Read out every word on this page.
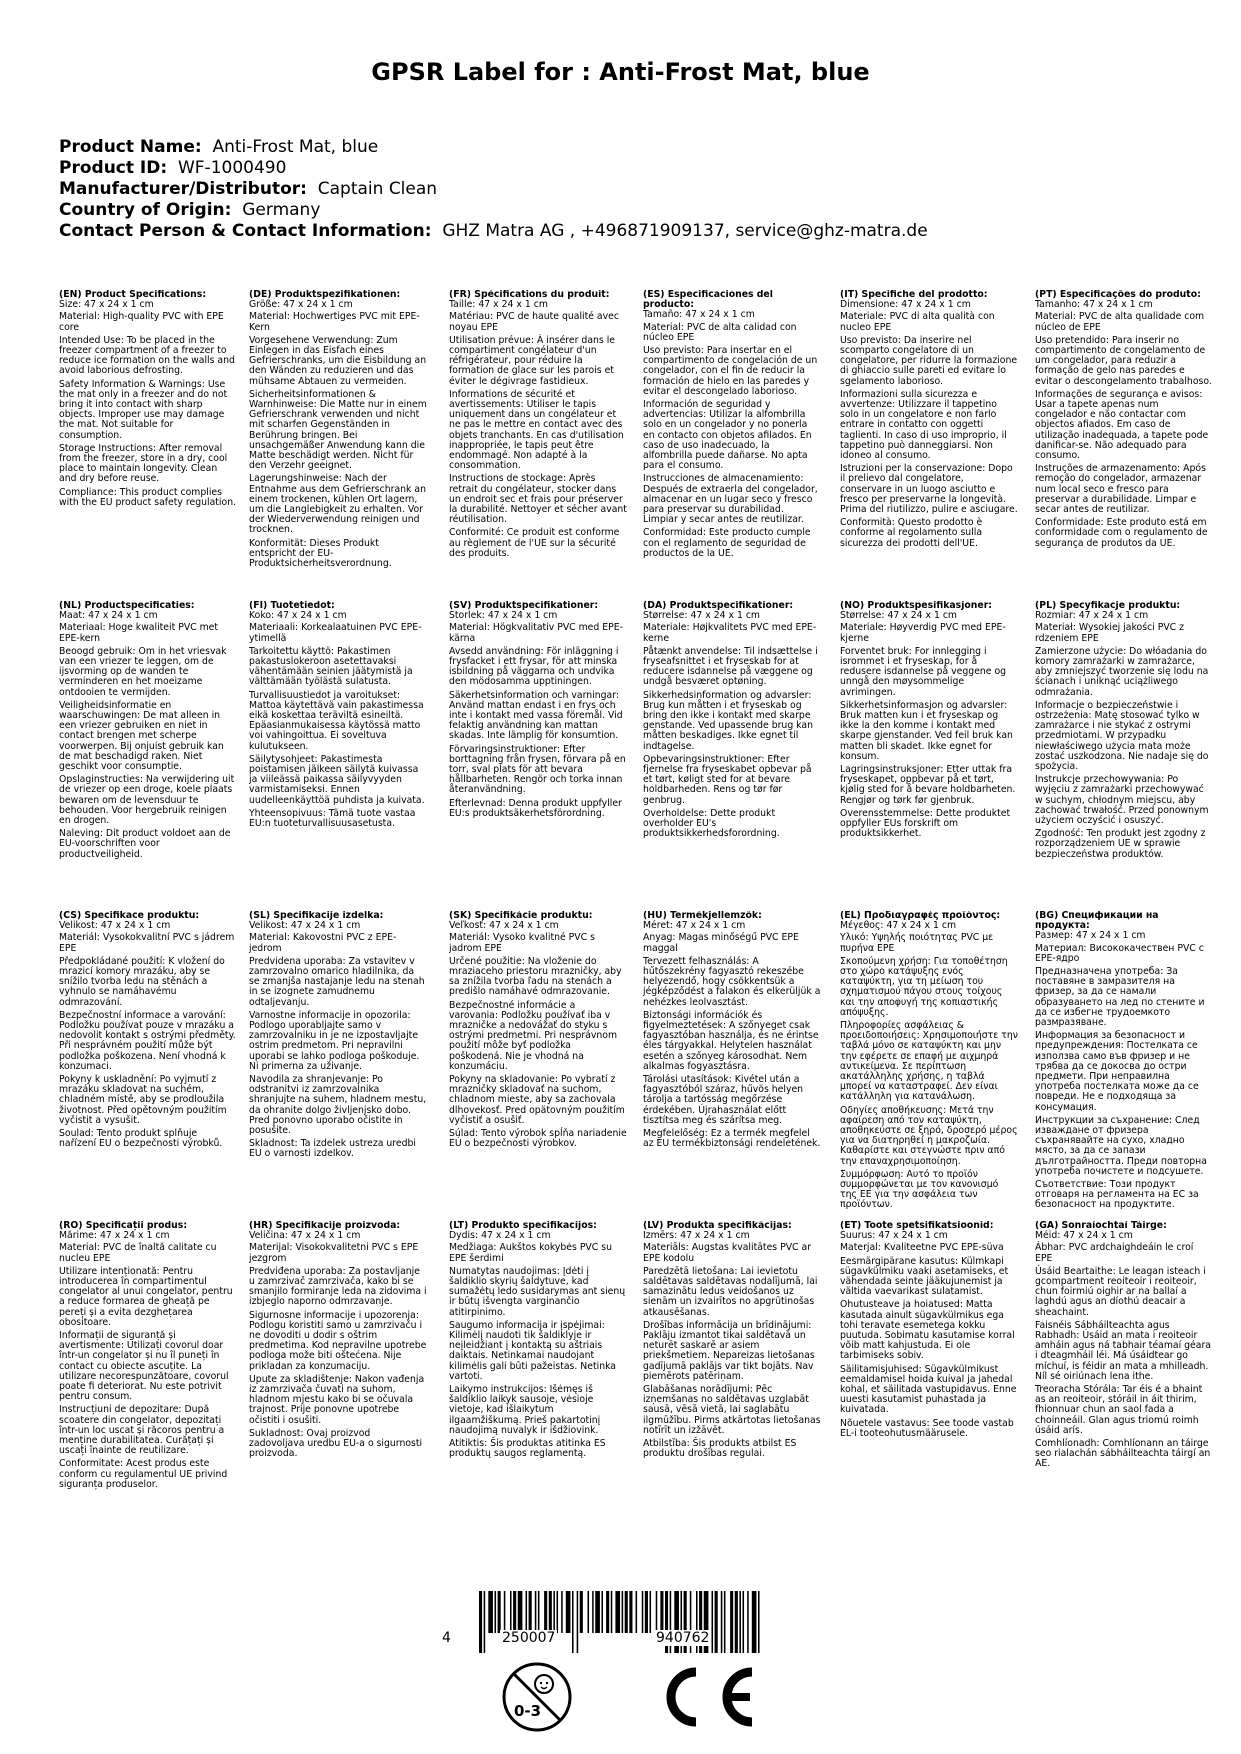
GPSR Label for : Anti-Frost Mat, blue
Product Name: Anti-Frost Mat, blue
Product ID: WF-1000490
Manufacturer/Distributor: Captain Clean
Country of Origin: Germany
Contact Person & Contact Information: GHZ Matra AG , +496871909137, service@ghz-matra.de
(EN) Product Specifications:

Size: 47 x 24 x 1 cm

Material: High-quality PVC with EPE core

Intended Use: To be placed in the freezer compartment of a freezer to reduce ice formation on the walls and avoid laborious defrosting.

Safety Information & Warnings: Use the mat only in a freezer and do not bring it into contact with sharp objects. Improper use may damage the mat. Not suitable for consumption.

Storage Instructions: After removal from the freezer, store in a dry, cool place to maintain longevity. Clean and dry before reuse.

Compliance: This product complies with the EU product safety regulation.

(DE) Produktspezifikationen:

Größe: 47 x 24 x 1 cm

Material: Hochwertiges PVC mit EPE-Kern

Vorgesehene Verwendung: Zum Einlegen in das Eisfach eines Gefrierschranks, um die Eisbildung an den Wänden zu reduzieren und das mühsame Abtauen zu vermeiden.

Sicherheitsinformationen & Warnhinweise: Die Matte nur in einem Gefrierschrank verwenden und nicht mit scharfen Gegenständen in Berührung bringen. Bei unsachgemäßer Anwendung kann die Matte beschädigt werden. Nicht für den Verzehr geeignet.

Lagerungshinweise: Nach der Entnahme aus dem Gefrierschrank an einem trockenen, kühlen Ort lagern, um die Langlebigkeit zu erhalten. Vor der Wiederverwendung reinigen und trocknen.

Konformität: Dieses Produkt entspricht der EU-Produktsicherheitsverordnung.

(FR) Spécifications du produit:

Taille: 47 x 24 x 1 cm

Matériau: PVC de haute qualité avec noyau EPE

Utilisation prévue: À insérer dans le compartiment congélateur d'un réfrigérateur, pour réduire la formation de glace sur les parois et éviter le dégivrage fastidieux.

Informations de sécurité et avertissements: Utiliser le tapis uniquement dans un congélateur et ne pas le mettre en contact avec des objets tranchants. En cas d'utilisation inappropriée, le tapis peut être endommagé. Non adapté à la consommation.

Instructions de stockage: Après retrait du congélateur, stocker dans un endroit sec et frais pour préserver la durabilité. Nettoyer et sécher avant réutilisation.

Conformité: Ce produit est conforme au règlement de l'UE sur la sécurité des produits.

(ES) Especificaciones del producto:

Tamaño: 47 x 24 x 1 cm

Material: PVC de alta calidad con núcleo EPE

Uso previsto: Para insertar en el compartimento de congelación de un congelador, con el fin de reducir la formación de hielo en las paredes y evitar el descongelado laborioso.

Información de seguridad y advertencias: Utilizar la alfombrilla solo en un congelador y no ponerla en contacto con objetos afilados. En caso de uso inadecuado, la alfombrilla puede dañarse. No apta para el consumo.

Instrucciones de almacenamiento: Después de extraerla del congelador, almacenar en un lugar seco y fresco para preservar su durabilidad. Limpiar y secar antes de reutilizar.

Conformidad: Este producto cumple con el reglamento de seguridad de productos de la UE.

(IT) Specifiche del prodotto:

Dimensione: 47 x 24 x 1 cm

Materiale: PVC di alta qualità con nucleo EPE

Uso previsto: Da inserire nel scomparto congelatore di un congelatore, per ridurre la formazione di ghiaccio sulle pareti ed evitare lo sgelamento laborioso.

Informazioni sulla sicurezza e avvertenze: Utilizzare il tappetino solo in un congelatore e non farlo entrare in contatto con oggetti taglienti. In caso di uso improprio, il tappetino può danneggiarsi. Non idoneo al consumo.

Istruzioni per la conservazione: Dopo il prelievo dal congelatore, conservare in un luogo asciutto e fresco per preservarne la longevità. Prima del riutilizzo, pulire e asciugare.

Conformità: Questo prodotto è conforme al regolamento sulla sicurezza dei prodotti dell'UE.

(PT) Especificações do produto:

Tamanho: 47 x 24 x 1 cm

Material: PVC de alta qualidade com núcleo de EPE

Uso pretendido: Para inserir no compartimento de congelamento de um congelador, para reduzir a formação de gelo nas paredes e evitar o descongelamento trabalhoso.

Informações de segurança e avisos: Usar a tapete apenas num congelador e não contactar com objectos afiados. Em caso de utilização inadequada, a tapete pode danificar-se. Não adequado para consumo.

Instruções de armazenamento: Após remoção do congelador, armazenar num local seco e fresco para preservar a durabilidade. Limpar e secar antes de reutilizar.

Conformidade: Este produto está em conformidade com o regulamento de segurança de produtos da UE.

(NL) Productspecificaties:

Maat: 47 x 24 x 1 cm

Materiaal: Hoge kwaliteit PVC met EPE-kern

Beoogd gebruik: Om in het vriesvak van een vriezer te leggen, om de ijsvorming op de wanden te verminderen en het moeizame ontdooien te vermijden.

Veiligheidsinformatie en waarschuwingen: De mat alleen in een vriezer gebruiken en niet in contact brengen met scherpe voorwerpen. Bij onjuist gebruik kan de mat beschadigd raken. Niet geschikt voor consumptie.

Opslaginstructies: Na verwijdering uit de vriezer op een droge, koele plaats bewaren om de levensduur te behouden. Voor hergebruik reinigen en drogen.

Naleving: Dit product voldoet aan de EU-voorschriften voor productveiligheid.

(FI) Tuotetiedot:

Koko: 47 x 24 x 1 cm

Materiaali: Korkealaatuinen PVC EPE-ytimellä

Tarkoitettu käyttö: Pakastimen pakastuslokeroon asetettavaksi vähentämään seinien jäätymistä ja välttämään työlästä sulatusta.

Turvallisuustiedot ja varoitukset: Mattoa käytettävä vain pakastimessa eikä koskettaa teräviltä esineiltä. Epäasianmukaisessa käytössä matto voi vahingoittua. Ei soveltuva kulutukseen.

Säilytysohjeet: Pakastimesta poistamisen jälkeen säilytä kuivassa ja viileässä paikassa säilyvyyden varmistamiseksi. Ennen uudelleenkäyttöä puhdista ja kuivata.

Yhteensopivuus: Tämä tuote vastaa EU:n tuoteturvallisuusasetusta.

(SV) Produktspecifikationer:

Storlek: 47 x 24 x 1 cm

Material: Högkvalitativ PVC med EPE-kärna

Avsedd användning: För inläggning i frysfacket i ett frysar, för att minska isbildning på väggarna och undvika den mödosamma upptiningen.

Säkerhetsinformation och varningar: Använd mattan endast i en frys och inte i kontakt med vassa föremål. Vid felaktig användning kan mattan skadas. Inte lämplig för konsumtion.

Förvaringsinstruktioner: Efter borttagning från frysen, förvara på en torr, sval plats för att bevara hållbarheten. Rengör och torka innan återanvändning.

Efterlevnad: Denna produkt uppfyller EU:s produktsäkerhetsförordning.

(DA) Produktspecifikationer:

Størrelse: 47 x 24 x 1 cm

Materiale: Højkvalitets PVC med EPE-kerne

Påtænkt anvendelse: Til indsættelse i fryseafsnittet i et fryseskab for at reducere isdannelse på væggene og undgå besværet optøning.

Sikkerhedsinformation og advarsler: Brug kun måtten i et fryseskab og bring den ikke i kontakt med skarpe genstande. Ved upassende brug kan måtten beskadiges. Ikke egnet til indtagelse.

Opbevaringsinstruktioner: Efter fjernelse fra fryseskabet opbevar på et tørt, køligt sted for at bevare holdbarheden. Rens og tør før genbrug.

Overholdelse: Dette produkt overholder EU's produktsikkerhedsforordning.

(NO) Produktspesifikasjoner:

Størrelse: 47 x 24 x 1 cm

Materiale: Høyverdig PVC med EPE-kjerne

Forventet bruk: For innlegging i isrommet i et fryseskap, for å redusere isdannelse på veggene og unngå den møysommelige avrimingen.

Sikkerhetsinformasjon og advarsler: Bruk matten kun i et fryseskap og ikke la den komme i kontakt med skarpe gjenstander. Ved feil bruk kan matten bli skadet. Ikke egnet for konsum.

Lagringsinstruksjoner: Etter uttak fra fryseskapet, oppbevar på et tørt, kjølig sted for å bevare holdbarheten. Rengjør og tørk før gjenbruk.

Overensstemmelse: Dette produktet oppfyller EUs forskrift om produktsikkerhet.

(PL) Specyfikacje produktu:

Rozmiar: 47 x 24 x 1 cm

Materiał: Wysokiej jakości PVC z rdzeniem EPE

Zamierzone użycie: Do włóadania do komory zamrażarki w zamrażarce, aby zmniejszyć tworzenie się lodu na ścianach i uniknąć uciążliwego odmrażania.

Informacje o bezpieczeństwie i ostrzeżenia: Matę stosować tylko w zamrażarce i nie stykać z ostrymi przedmiotami. W przypadku niewłaściwego użycia mata może zostać uszkodzona. Nie nadaje się do spożycia.

Instrukcje przechowywania: Po wyjęciu z zamrażarki przechowywać w suchym, chłodnym miejscu, aby zachować trwałość. Przed ponownym użyciem oczyścić i osuszyć.

Zgodność: Ten produkt jest zgodny z rozporządzeniem UE w sprawie bezpieczeństwa produktów.

(CS) Specifikace produktu:

Velikost: 47 x 24 x 1 cm

Materiál: Vysokokvalitní PVC s jádrem EPE

Předpokládané použití: K vložení do mrazicí komory mrazáku, aby se snížilo tvorba ledu na stěnách a vyhnulo se namáhavému odmrazování.

Bezpečnostní informace a varování: Podložku používat pouze v mrazáku a nedovolit kontakt s ostrými předměty. Při nesprávném použití může být podložka poškozena. Není vhodná k konzumaci.

Pokyny k uskladnění: Po vyjmutí z mrazáku skladovat na suchém, chladném místě, aby se prodloužila životnost. Před opětovným použitím vyčistit a vysušit.

Soulad: Tento produkt splňuje nařízení EU o bezpečnosti výrobků.

(SL) Specifikacije izdelka:

Velikost: 47 x 24 x 1 cm

Material: Kakovostni PVC z EPE-jedrom

Predvidena uporaba: Za vstavitev v zamrzovalno omarico hladilnika, da se zmanjša nastajanje ledu na stenah in se izognete zamudnemu odtaljevanju.

Varnostne informacije in opozorila: Podlogo uporabljajte samo v zamrzovalniku in je ne izpostavljajte ostrim predmetom. Pri nepravilni uporabi se lahko podloga poškoduje. Ni primerna za uživanje.

Navodila za shranjevanje: Po odstranitvi iz zamrzovalnika shranjujte na suhem, hladnem mestu, da ohranite dolgo življenjsko dobo. Pred ponovno uporabo očistite in posušite.

Skladnost: Ta izdelek ustreza uredbi EU o varnosti izdelkov.

(SK) Špecifikácie produktu:

Veľkosť: 47 x 24 x 1 cm

Materiál: Vysoko kvalitné PVC s jadrom EPE

Určené použitie: Na vloženie do mraziaceho priestoru mrazničky, aby sa znížila tvorba ľadu na stenách a predišlo namáhavé odmrazovanie.

Bezpečnostné informácie a varovania: Podložku používať iba v mrazničke a nedovážať do styku s ostrými predmetmi. Pri nesprávnom použití môže byť podložka poškodená. Nie je vhodná na konzumáciu.

Pokyny na skladovanie: Po vybratí z mrazničky skladovať na suchom, chladnom mieste, aby sa zachovala dlhovekosť. Pred opätovným použitím vyčistiť a osušiť.

Súlad: Tento výrobok spĺňa nariadenie EÚ o bezpečnosti výrobkov.

(HU) Termékjellemzők:

Méret: 47 x 24 x 1 cm

Anyag: Magas minőségű PVC EPE maggal

Tervezett felhasználás: A hűtőszekrény fagyasztó rekeszébe helyezendő, hogy csökkentsük a jégképződést a falakon és elkerüljük a nehézkes leolvasztást.

Biztonsági információk és figyelmeztetések: A szőnyeget csak fagyasztóban használja, és ne érintse éles tárgyakkal. Helytelen használat esetén a szőnyeg károsodhat. Nem alkalmas fogyasztásra.

Tárolási utasítások: Kivétel után a fagyasztóból száraz, hűvös helyen tárolja a tartósság megőrzése érdekében. Újrahasználat előtt tisztítsa meg és szárítsa meg.

Megfelelőség: Ez a termék megfelel az EU termékbiztonsági rendeletének.

(EL) Προδιαγραφές προϊόντος:

Μέγεθος: 47 x 24 x 1 cm

Υλικό: Υψηλής ποιότητας PVC με πυρήνα EPE

Σκοπούμενη χρήση: Για τοποθέτηση στο χώρο κατάψυξης ενός καταψύκτη, για τη μείωση του σχηματισμού πάγου στους τοίχους και την αποφυγή της κοπιαστικής απόψυξης.

Πληροφορίες ασφάλειας & προειδοποιήσεις: Χρησιμοποιήστε την ταβλά μόνο σε καταψύκτη και μην την εφέρετε σε επαφή με αιχμηρά αντικείμενα. Σε περίπτωση ακατάλληλης χρήσης, η ταβλά μπορεί να καταστραφεί. Δεν είναι κατάλληλη για κατανάλωση.

Οδηγίες αποθήκευσης: Μετά την αφαίρεση από τον καταψύκτη, αποθηκεύστε σε ξηρό, δροσερό μέρος για να διατηρηθεί η μακροζωία. Καθαρίστε και στεγνώστε πριν από την επαναχρησιμοποίηση.

Συμμόρφωση: Αυτό το προϊόν συμμορφώνεται με τον κανονισμό της ΕΕ για την ασφάλεια των προϊόντων.

(BG) Спецификации на продукта:

Размер: 47 x 24 x 1 cm

Материал: Висококачествен PVC с EPE-ядро

Предназначена употреба: За поставяне в замразителя на фризер, за да се намали образуването на лед по стените и да се избегне трудоемкото размразяване.

Информация за безопасност и предупреждения: Постелката се използва само във фризер и не трябва да се докосва до остри предмети. При неправилна употреба постелката може да се повреди. Не е подходяща за консумация.

Инструкции за съхранение: След изваждане от фризера съхранявайте на сухо, хладно място, за да се запази дълготрайността. Преди повторна употреба почистете и подсушете.

Съответствие: Този продукт отговаря на регламента на ЕС за безопасност на продуктите.

(RO) Specificații produs:

Mărime: 47 x 24 x 1 cm

Material: PVC de înaltă calitate cu nucleu EPE

Utilizare intenționată: Pentru introducerea în compartimentul congelator al unui congelator, pentru a reduce formarea de gheață pe pereți și a evita dezghețarea obositoare.

Informații de siguranță și avertismente: Utilizați covorul doar într-un congelator și nu îl puneți în contact cu obiecte ascuțite. La utilizare necorespunzătoare, covorul poate fi deteriorat. Nu este potrivit pentru consum.

Instrucțiuni de depozitare: După scoatere din congelator, depozitați într-un loc uscat și răcoros pentru a menține durabilitatea. Curățați și uscați înainte de reutilizare.

Conformitate: Acest produs este conform cu regulamentul UE privind siguranța produselor.

(HR) Specifikacije proizvoda:

Veličina: 47 x 24 x 1 cm

Materijal: Visokokvalitetni PVC s EPE jezgrom

Predviđena uporaba: Za postavljanje u zamrzivač zamrzivača, kako bi se smanjilo formiranje leda na zidovima i izbjeglo naporno odmrzavanje.

Sigurnosne informacije i upozorenja: Podlogu koristiti samo u zamrzivaču i ne dovoditi u dodir s oštrim predmetima. Kod nepravilne upotrebe podloga može biti oštećena. Nije prikladan za konzumaciju.

Upute za skladištenje: Nakon vađenja iz zamrzivača čuvati na suhom, hladnom mjestu kako bi se očuvala trajnost. Prije ponovne upotrebe očistiti i osušiti.

Sukladnost: Ovaj proizvod zadovoljava uredbu EU-a o sigurnosti proizvoda.

(LT) Produkto specifikacijos:

Dydis: 47 x 24 x 1 cm

Medžiaga: Aukštos kokybės PVC su EPE šerdimi

Numatytas naudojimas: Įdėti į šaldiklio skyrių šaldytuve, kad sumažėtų ledo susidarymas ant sienų ir būtų išvengta varginančio atitirpinimo.

Saugumo informacija ir įspėjimai: Kilimėlį naudoti tik šaldiklyje ir neįleidžiant į kontaktą su aštriais daiktais. Netinkamai naudojant kilimėlis gali būti pažeistas. Netinka vartoti.

Laikymo instrukcijos: Išėmęs iš šaldiklio laikyk sausoje, vėsioje vietoje, kad išlaikytum ilgaamžiškumą. Prieš pakartotinį naudojimą nuvalyk ir išdžiovink.

Atitiktis: Šis produktas atitinka ES produktų saugos reglamentą.

(LV) Produkta specifikācijas:

Izmērs: 47 x 24 x 1 cm

Materiāls: Augstas kvalitātes PVC ar EPE kodolu

Paredzētā lietošana: Lai ievietotu saldētavas saldētavas nodalījumā, lai samazinātu ledus veidošanos uz sienām un izvairītos no apgrūtinošas atkausēšanas.

Drošības informācija un brīdinājumi: Paklāju izmantot tikai saldētavā un neturēt saskarē ar asiem priekšmetiem. Nepareizas lietošanas gadījumā paklājs var tikt bojāts. Nav piemērots patēriņam.

Glabāšanas norādījumi: Pēc izņemšanas no saldētavas uzglabāt sausā, vēsā vietā, lai saglabātu ilgmūžību. Pirms atkārtotas lietošanas notīrīt un izžāvēt.

Atbilstība: Šis produkts atbilst ES produktu drošības regulai.

(ET) Toote spetsifikatsioonid:

Suurus: 47 x 24 x 1 cm

Materjal: Kvaliteetne PVC EPE-süva

Eesmärgipärane kasutus: Külmkapi sügavkülmiku vaaki asetamiseks, et vähendada seinte jääkujunemist ja vältida vaevarikast sulatamist.

Ohutusteave ja hoiatused: Matta kasutada ainult sügavkülmikus ega tohi teravate esemetega kokku puutuda. Sobimatu kasutamise korral võib matt kahjustuda. Ei ole tarbimiseks sobiv.

Säilitamisjuhised: Sügavkülmikust eemaldamisel hoida kuival ja jahedal kohal, et säilitada vastupidavus. Enne uuesti kasutamist puhastada ja kuivatada.

Nõuetele vastavus: See toode vastab EL-i tooteohutusmäärusele.

(GA) Sonraíochtaí Táirge:

Méid: 47 x 24 x 1 cm

Ábhar: PVC ardchaighdeáin le croí EPE

Úsáid Beartaithe: Le leagan isteach i gcompartment reoiteoir i reoiteoir, chun foirmiú oighir ar na ballaí a laghdú agus an díothú deacair a sheachaint.

Faisnéis Sábháilteachta agus Rabhadh: Úsáid an mata i reoiteoir amháin agus ná tabhair téamaí géara i dteagmháil léi. Má úsáidtear go míchuí, is féidir an mata a mhilleadh. Níl sé oiriúnach lena ithe.

Treoracha Stórála: Tar éis é a bhaint as an reoiteoir, stóráil in áit thirim, fhionnuar chun an saol fada a choinneáil. Glan agus triomú roimh úsáid arís.

Comhlíonadh: Comhlíonann an táirge seo rialachán sábháilteachta táirgí an AE.

4	250007	940762
0-3
